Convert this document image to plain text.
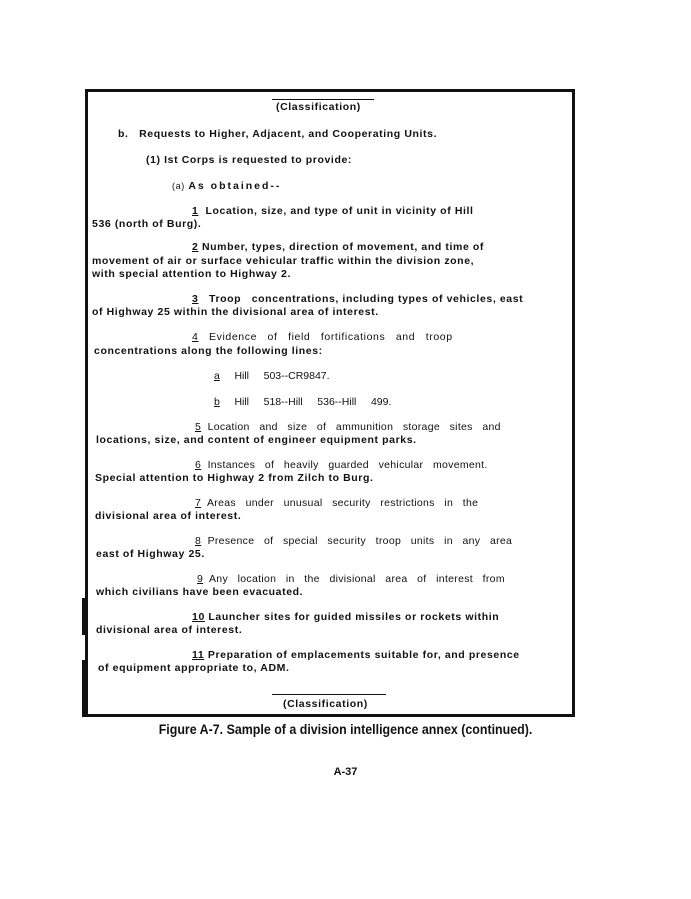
(Classification)
b.   Requests to Higher, Adjacent, and Cooperating Units.
(1) Ist Corps is requested to provide:
(a) As obtained--
1 Location, size, and type of unit in vicinity of Hill
536 (north of Burg).
2 Number, types, direction of movement, and time of
movement of air or surface vehicular traffic within the division zone,
with special attention to Highway 2.
3 Troop   concentrations, including types of vehicles, east
of Highway 25 within the divisional area of interest.
4 Evidence   of   field   fortifications   and   troop
concentrations along the following lines:
a Hill     503--CR9847.
b Hill     518--Hill     536--Hill     499.
5 Location   and   size   of   ammunition   storage   sites   and
locations, size, and content of engineer equipment parks.
6 Instances   of   heavily   guarded   vehicular   movement.
Special attention to Highway 2 from Zilch to Burg.
7 Areas   under   unusual   security   restrictions   in   the
divisional area of interest.
8 Presence   of   special   security   troop   units   in   any   area
east of Highway 25.
9 Any   location   in   the   divisional   area   of   interest   from
which civilians have been evacuated.
10 Launcher sites for guided missiles or rockets within
divisional area of interest.
11 Preparation of emplacements suitable for, and presence
of equipment appropriate to, ADM.
(Classification)
Figure A-7. Sample of a division intelligence annex (continued).
A-37
